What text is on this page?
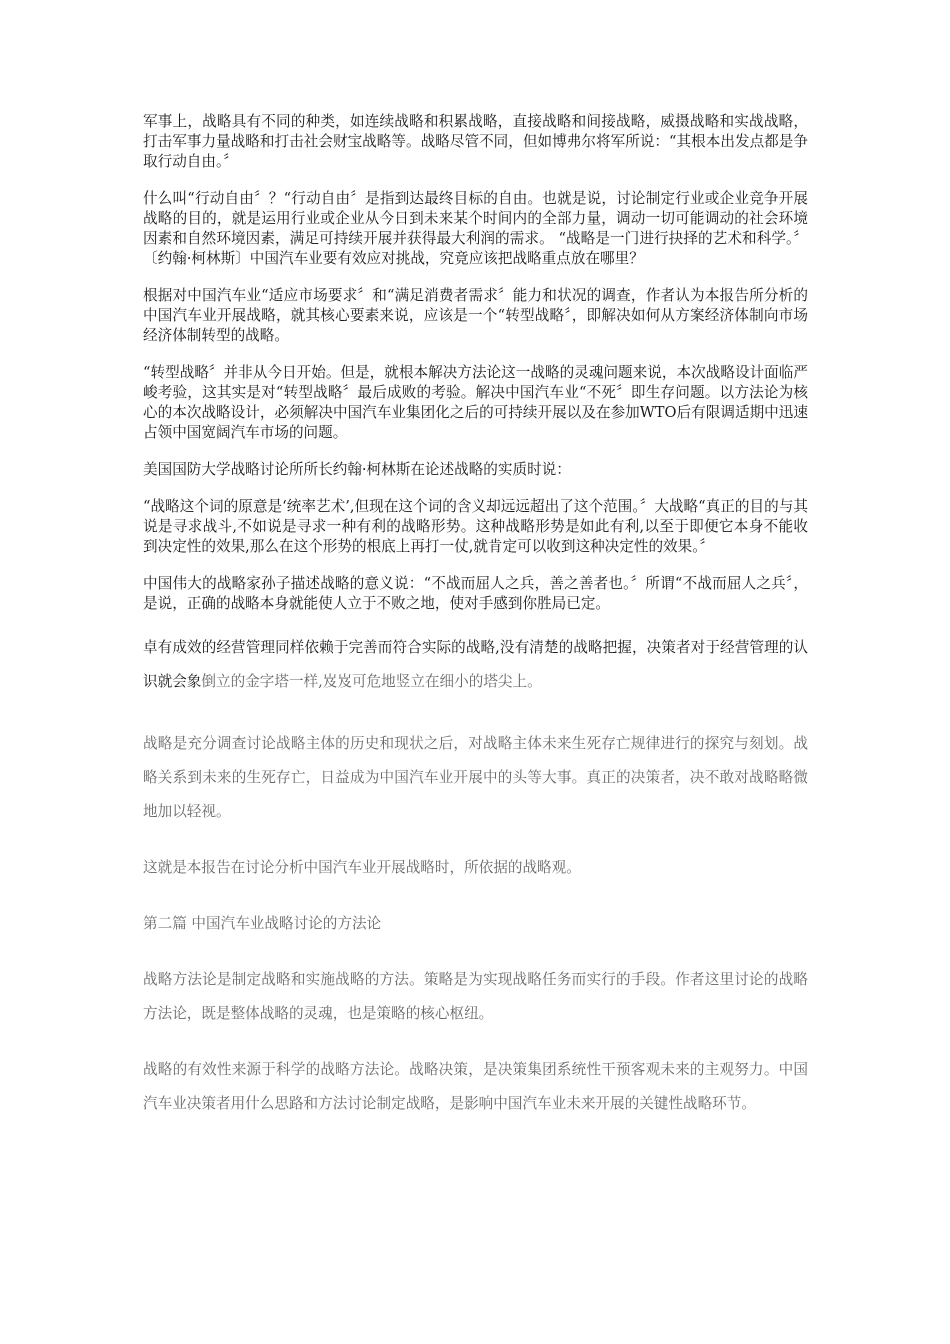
军事上，战略具有不同的种类，如连续战略和积累战略，直接战略和间接战略，威摄战略和实战战略，打击军事力量战略和打击社会财宝战略等。战略尽管不同，但如博弗尔将军所说：“其根本出发点都是争取行动自由。〞

什么叫“行动自由〞？“行动自由〞是指到达最终目标的自由。也就是说，讨论制定行业或企业竞争开展战略的目的，就是运用行业或企业从今日到未来某个时间内的全部力量，调动一切可能调动的社会环境因素和自然环境因素，满足可持续开展并获得最大利润的需求。 “战略是一门进行抉择的艺术和科学。〞〔约翰·柯林斯〕中国汽车业要有效应对挑战，究竟应该把战略重点放在哪里？

根据对中国汽车业“适应市场要求〞和“满足消费者需求〞能力和状况的调查，作者认为本报告所分析的中国汽车业开展战略，就其核心要素来说，应该是一个“转型战略〞，即解决如何从方案经济体制向市场经济体制转型的战略。

“转型战略〞并非从今日开始。但是，就根本解决方法论这一战略的灵魂问题来说，本次战略设计面临严峻考验，这其实是对“转型战略〞最后成败的考验。解决中国汽车业“不死〞即生存问题。以方法论为核心的本次战略设计，必须解决中国汽车业集团化之后的可持续开展以及在参加WTO后有限调适期中迅速占领中国宽阔汽车市场的问题。

美国国防大学战略讨论所所长约翰·柯林斯在论述战略的实质时说：

“战略这个词的原意是‘统率艺术’,但现在这个词的含义却远远超出了这个范围。〞大战略“真正的目的与其说是寻求战斗,不如说是寻求一种有利的战略形势。这种战略形势是如此有利,以至于即便它本身不能收到决定性的效果,那么在这个形势的根底上再打一仗,就肯定可以收到这种决定性的效果。〞

中国伟大的战略家孙子描述战略的意义说：“不战而屈人之兵，善之善者也。〞所谓“不战而屈人之兵〞，是说，正确的战略本身就能使人立于不败之地，使对手感到你胜局已定。

卓有成效的经营管理同样依赖于完善而符合实际的战略,没有清楚的战略把握，决策者对于经营管理的认识就会象倒立的金字塔一样,岌岌可危地竖立在细小的塔尖上。

战略是充分调查讨论战略主体的历史和现状之后，对战略主体未来生死存亡规律进行的探究与刻划。战略关系到未来的生死存亡，日益成为中国汽车业开展中的头等大事。真正的决策者，决不敢对战略略微地加以轻视。

这就是本报告在讨论分析中国汽车业开展战略时，所依据的战略观。

第二篇 中国汽车业战略讨论的方法论

战略方法论是制定战略和实施战略的方法。策略是为实现战略任务而实行的手段。作者这里讨论的战略方法论，既是整体战略的灵魂，也是策略的核心枢纽。

战略的有效性来源于科学的战略方法论。战略决策，是决策集团系统性干预客观未来的主观努力。中国汽车业决策者用什么思路和方法讨论制定战略，是影响中国汽车业未来开展的关键性战略环节。
